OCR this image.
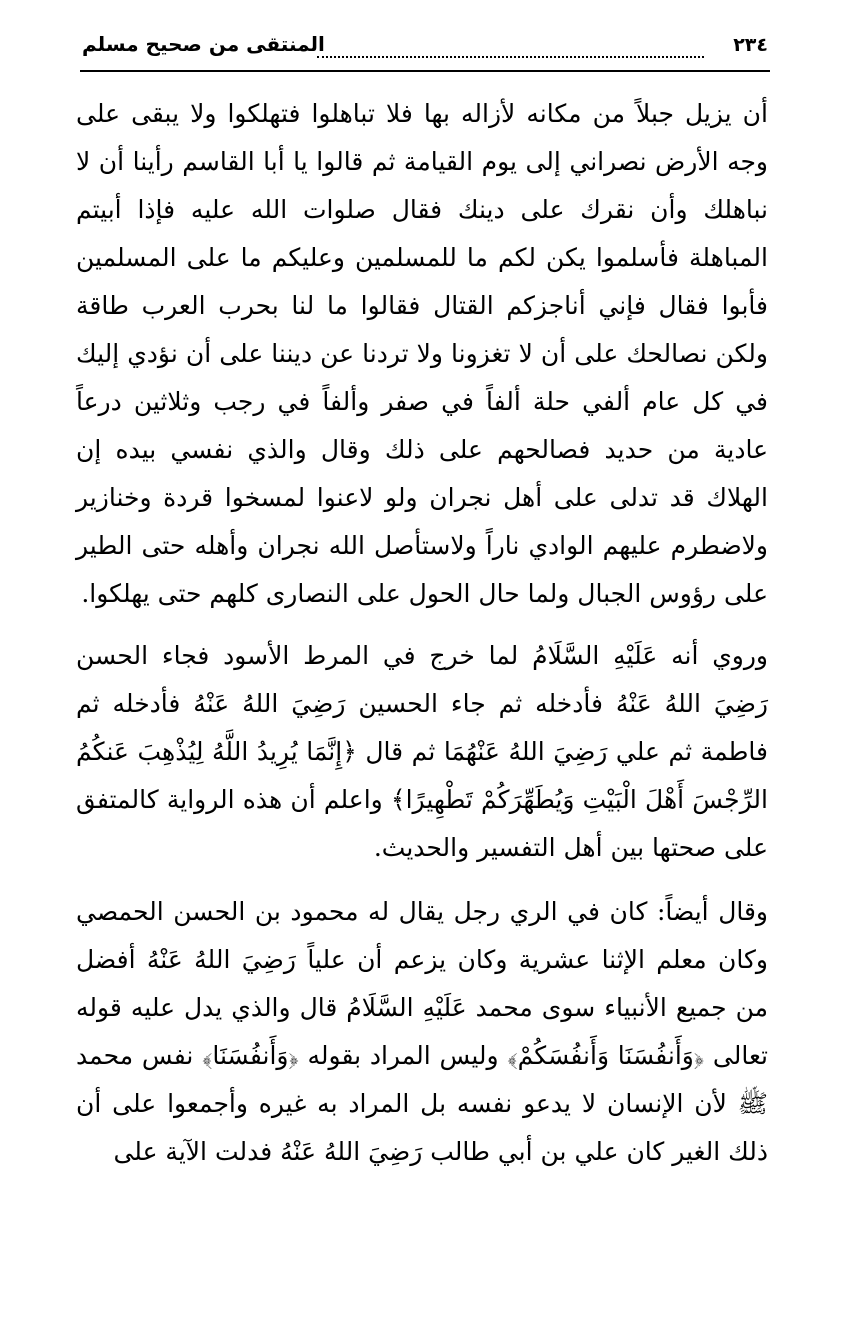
٢٣٤
المنتقى من صحيح مسلم

أن يزيل جبلاً من مكانه لأزاله بها فلا تباهلوا فتهلكوا ولا يبقى على وجه الأرض نصراني إلى يوم القيامة ثم قالوا يا أبا القاسم رأينا أن لا نباهلك وأن نقرك على دينك فقال صلوات الله عليه فإذا أبيتم المباهلة فأسلموا يكن لكم ما للمسلمين وعليكم ما على المسلمين فأبوا فقال فإني أناجزكم القتال فقالوا ما لنا بحرب العرب طاقة ولكن نصالحك على أن لا تغزونا ولا تردنا عن ديننا على أن نؤدي إليك في كل عام ألفي حلة ألفاً في صفر وألفاً في رجب وثلاثين درعاً عادية من حديد فصالحهم على ذلك وقال والذي نفسي بيده إن الهلاك قد تدلى على أهل نجران ولو لاعنوا لمسخوا قردة وخنازير ولاضطرم عليهم الوادي ناراً ولاستأصل الله نجران وأهله حتى الطير على رؤوس الجبال ولما حال الحول على النصارى كلهم حتى يهلكوا.

وروي أنه عَلَيْهِ السَّلَامُ لما خرج في المرط الأسود فجاء الحسن رَضِيَ اللهُ عَنْهُ فأدخله ثم جاء الحسين رَضِيَ اللهُ عَنْهُ فأدخله ثم فاطمة ثم علي رَضِيَ اللهُ عَنْهُمَا ثم قال ﴿إِنَّمَا يُرِيدُ اللَّهُ لِيُذْهِبَ عَنكُمُ الرِّجْسَ أَهْلَ الْبَيْتِ وَيُطَهِّرَكُمْ تَطْهِيرًا﴾ واعلم أن هذه الرواية كالمتفق على صحتها بين أهل التفسير والحديث.

وقال أيضاً: كان في الري رجل يقال له محمود بن الحسن الحمصي وكان معلم الإثنا عشرية وكان يزعم أن علياً رَضِيَ اللهُ عَنْهُ أفضل من جميع الأنبياء سوى محمد عَلَيْهِ السَّلَامُ قال والذي يدل عليه قوله تعالى ﴿وَأَنفُسَنَا وَأَنفُسَكُمْ﴾ وليس المراد بقوله ﴿وَأَنفُسَنَا﴾ نفس محمد ﷺ لأن الإنسان لا يدعو نفسه بل المراد به غيره وأجمعوا على أن ذلك الغير كان علي بن أبي طالب رَضِيَ اللهُ عَنْهُ فدلت الآية على
